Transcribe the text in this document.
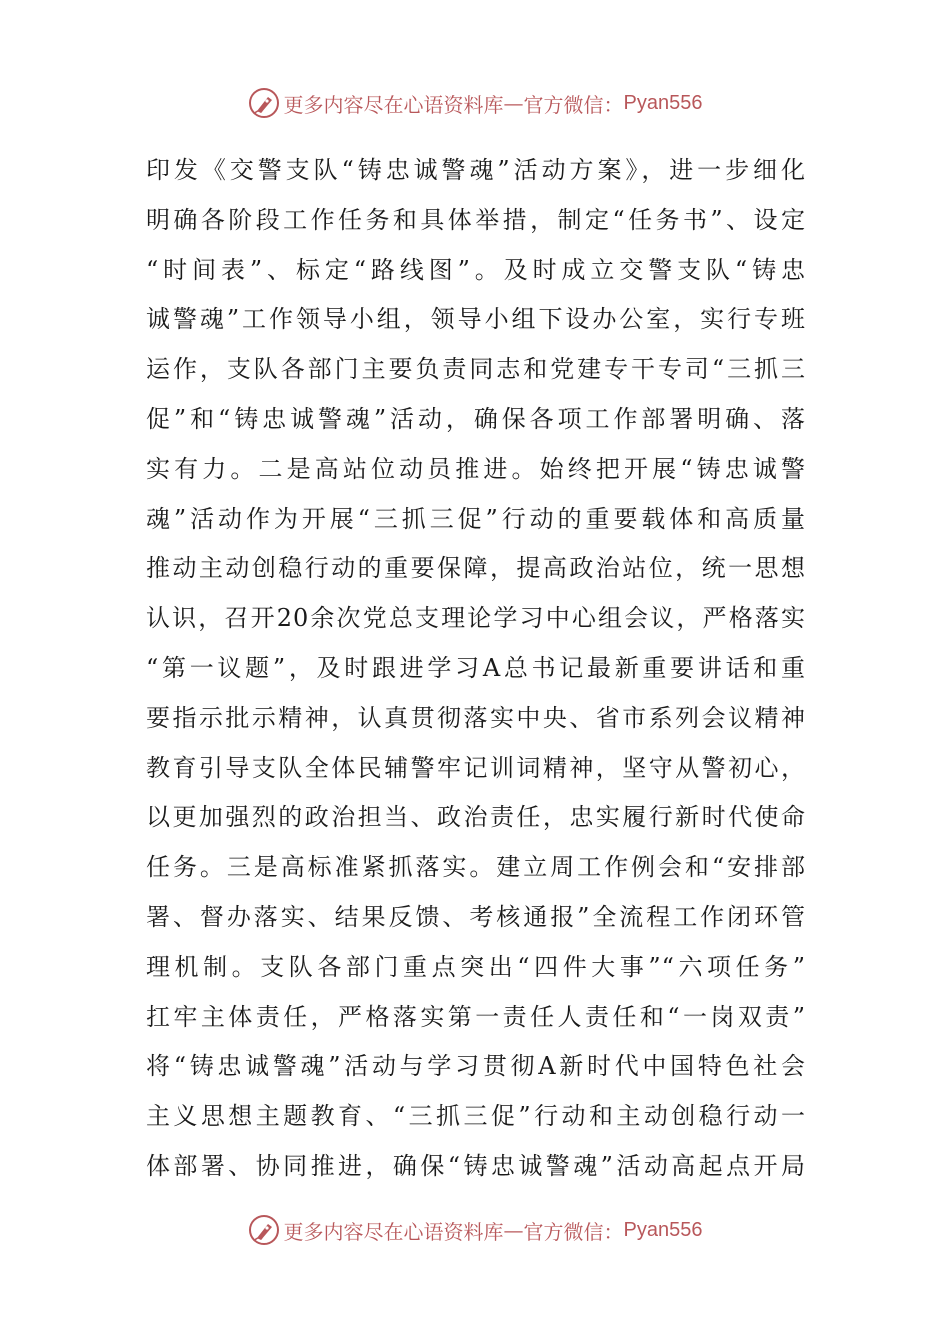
更多内容尽在心语资料库 — 官方微信： Pyan556
印发《交警支队“铸忠诚警魂”活动方案》，进一步细化
明确各阶段工作任务和具体举措，制定“任务书”、设定
“时间表”、标定“路线图”。及时成立交警支队“铸忠
诚警魂”工作领导小组，领导小组下设办公室，实行专班
运作，支队各部门主要负责同志和党建专干专司“三抓三
促”和“铸忠诚警魂”活动，确保各项工作部署明确、落
实有力。二是高站位动员推进。始终把开展“铸忠诚警
魂”活动作为开展“三抓三促”行动的重要载体和高质量
推动主动创稳行动的重要保障，提高政治站位，统一思想
认识，召开20余次党总支理论学习中心组会议，严格落实
“第一议题”，及时跟进学习A总书记最新重要讲话和重
要指示批示精神，认真贯彻落实中央、省市系列会议精神
教育引导支队全体民辅警牢记训词精神，坚守从警初心，
以更加强烈的政治担当、政治责任，忠实履行新时代使命
任务。三是高标准紧抓落实。建立周工作例会和“安排部
署、督办落实、结果反馈、考核通报”全流程工作闭环管
理机制。支队各部门重点突出“四件大事”“六项任务”
扛牢主体责任，严格落实第一责任人责任和“一岗双责”
将“铸忠诚警魂”活动与学习贯彻A新时代中国特色社会
主义思想主题教育、“三抓三促”行动和主动创稳行动一
体部署、协同推进，确保“铸忠诚警魂”活动高起点开局
更多内容尽在心语资料库 — 官方微信： Pyan556
